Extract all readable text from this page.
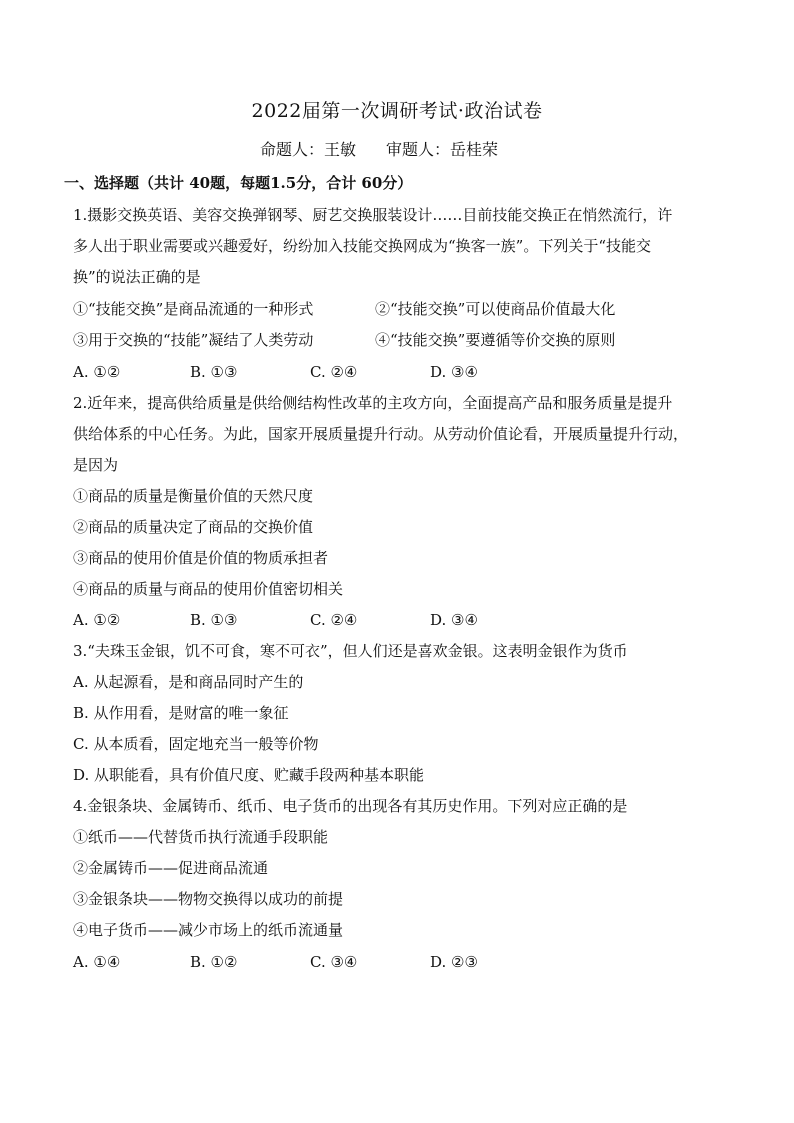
2022届第一次调研考试·政治试卷
命题人：王敏 审题人：岳桂荣
一、选择题（共计 40题，每题1.5分，合计 60分）
1.摄影交换英语、美容交换弹钢琴、厨艺交换服装设计……目前技能交换正在悄然流行，许
多人出于职业需要或兴趣爱好，纷纷加入技能交换网成为“换客一族”。下列关于“技能交
换”的说法正确的是
①“技能交换”是商品流通的一种形式	②“技能交换”可以使商品价值最大化
③用于交换的“技能”凝结了人类劳动	④“技能交换”要遵循等价交换的原则
A. ①②	B. ①③	C. ②④	D. ③④
2.近年来，提高供给质量是供给侧结构性改革的主攻方向，全面提高产品和服务质量是提升
供给体系的中心任务。为此，国家开展质量提升行动。从劳动价值论看，开展质量提升行动，
是因为
①商品的质量是衡量价值的天然尺度
②商品的质量决定了商品的交换价值
③商品的使用价值是价值的物质承担者
④商品的质量与商品的使用价值密切相关
A. ①②	B. ①③	C. ②④	D. ③④
3.“夫珠玉金银，饥不可食，寒不可衣”，但人们还是喜欢金银。这表明金银作为货币
A. 从起源看，是和商品同时产生的
B. 从作用看，是财富的唯一象征
C. 从本质看，固定地充当一般等价物
D. 从职能看，具有价值尺度、贮藏手段两种基本职能
4.金银条块、金属铸币、纸币、电子货币的出现各有其历史作用。下列对应正确的是
①纸币——代替货币执行流通手段职能
②金属铸币——促进商品流通
③金银条块——物物交换得以成功的前提
④电子货币——减少市场上的纸币流通量
A. ①④	B. ①②	C. ③④	D. ②③
